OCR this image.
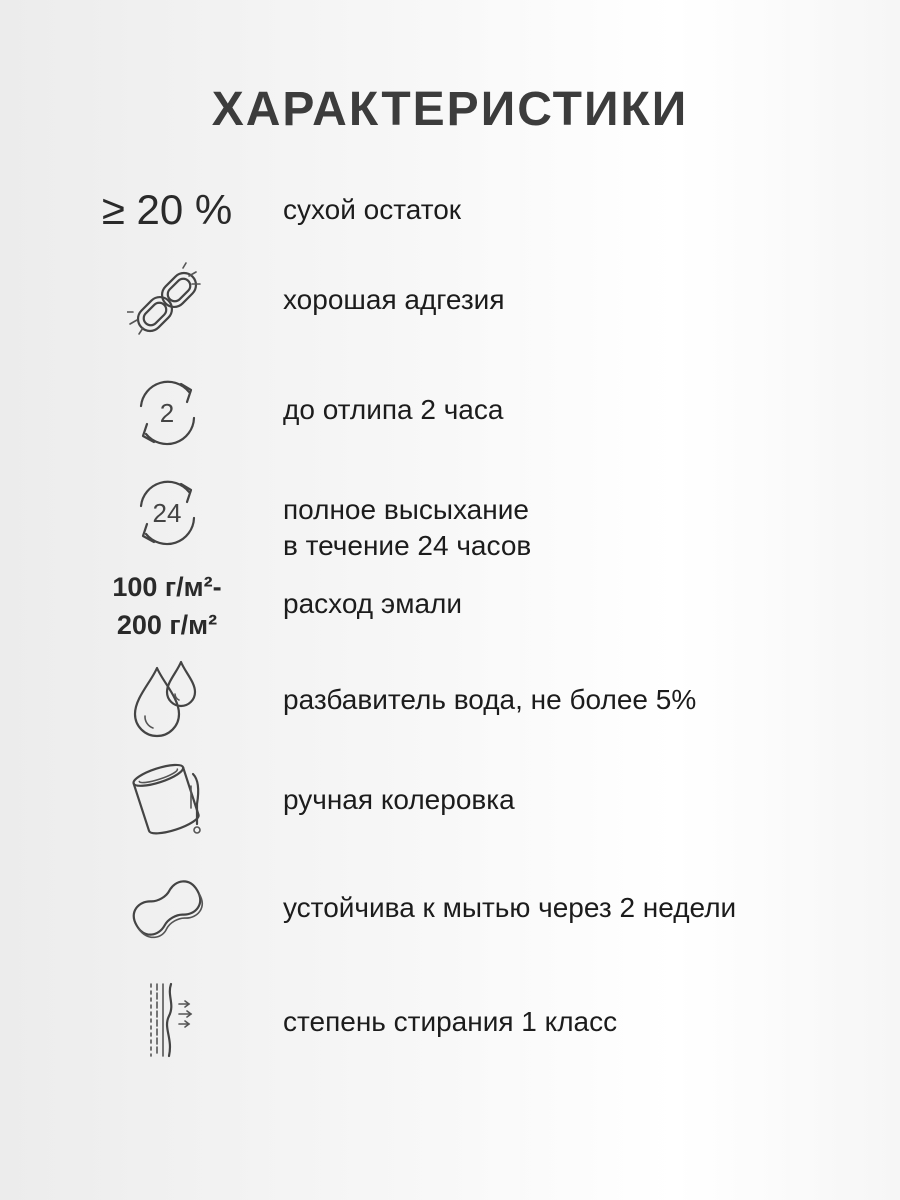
ХАРАКТЕРИСТИКИ
≥ 20 % сухой остаток
хорошая адгезия
2	до отлипа 2 часа
24	полное высыхание
в течение 24 часов
100 г/м²-
200 г/м²
расход эмали
разбавитель вода, не более 5%
ручная колеровка
устойчива к мытью через 2 недели
степень стирания 1 класс
